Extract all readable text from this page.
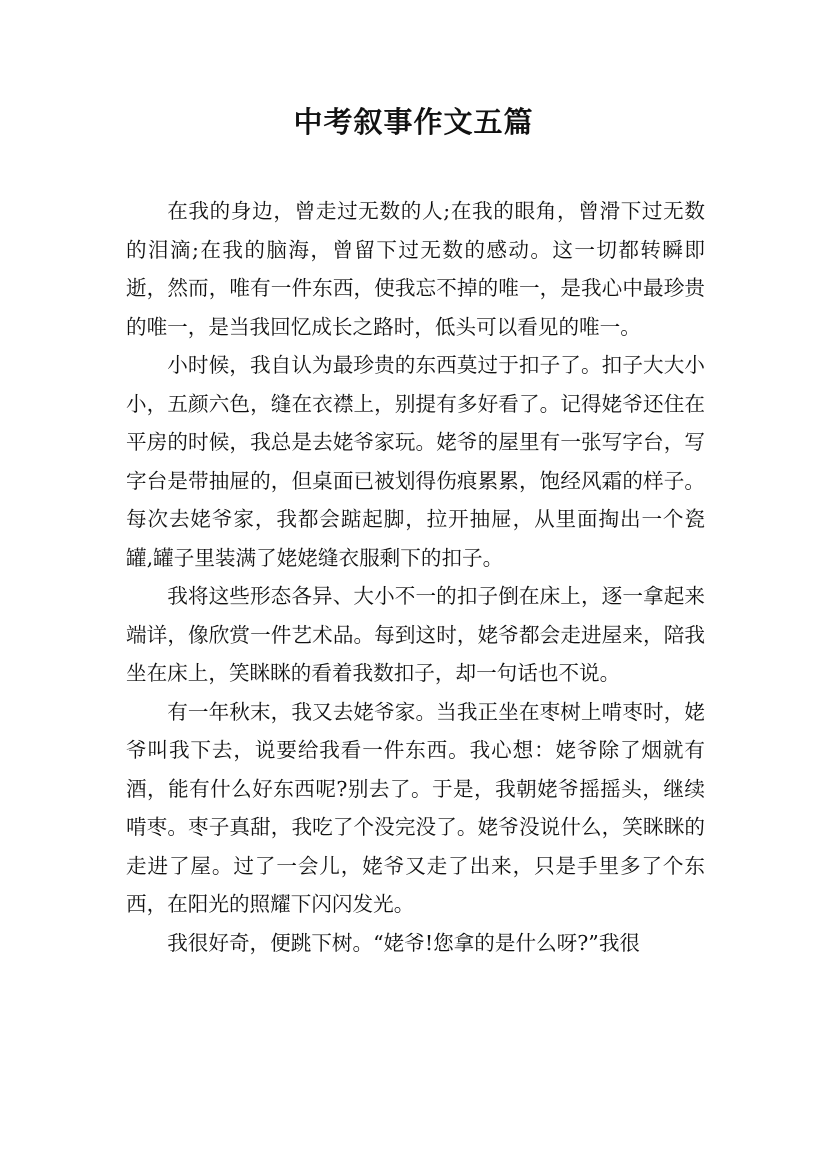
中考叙事作文五篇

在我的身边，曾走过无数的人;在我的眼角，曾滑下过无数的泪滴;在我的脑海，曾留下过无数的感动。这一切都转瞬即逝，然而，唯有一件东西，使我忘不掉的唯一，是我心中最珍贵的唯一，是当我回忆成长之路时，低头可以看见的唯一。

小时候，我自认为最珍贵的东西莫过于扣子了。扣子大大小小，五颜六色，缝在衣襟上，别提有多好看了。记得姥爷还住在平房的时候，我总是去姥爷家玩。姥爷的屋里有一张写字台，写字台是带抽屉的，但桌面已被划得伤痕累累，饱经风霜的样子。每次去姥爷家，我都会踮起脚，拉开抽屉，从里面掏出一个瓷罐,罐子里装满了姥姥缝衣服剩下的扣子。

我将这些形态各异、大小不一的扣子倒在床上，逐一拿起来端详，像欣赏一件艺术品。每到这时，姥爷都会走进屋来，陪我坐在床上，笑眯眯的看着我数扣子，却一句话也不说。

有一年秋末，我又去姥爷家。当我正坐在枣树上啃枣时，姥爷叫我下去，说要给我看一件东西。我心想：姥爷除了烟就有酒，能有什么好东西呢?别去了。于是，我朝姥爷摇摇头，继续啃枣。枣子真甜，我吃了个没完没了。姥爷没说什么，笑眯眯的走进了屋。过了一会儿，姥爷又走了出来，只是手里多了个东西，在阳光的照耀下闪闪发光。

我很好奇，便跳下树。“姥爷!您拿的是什么呀?”我很
